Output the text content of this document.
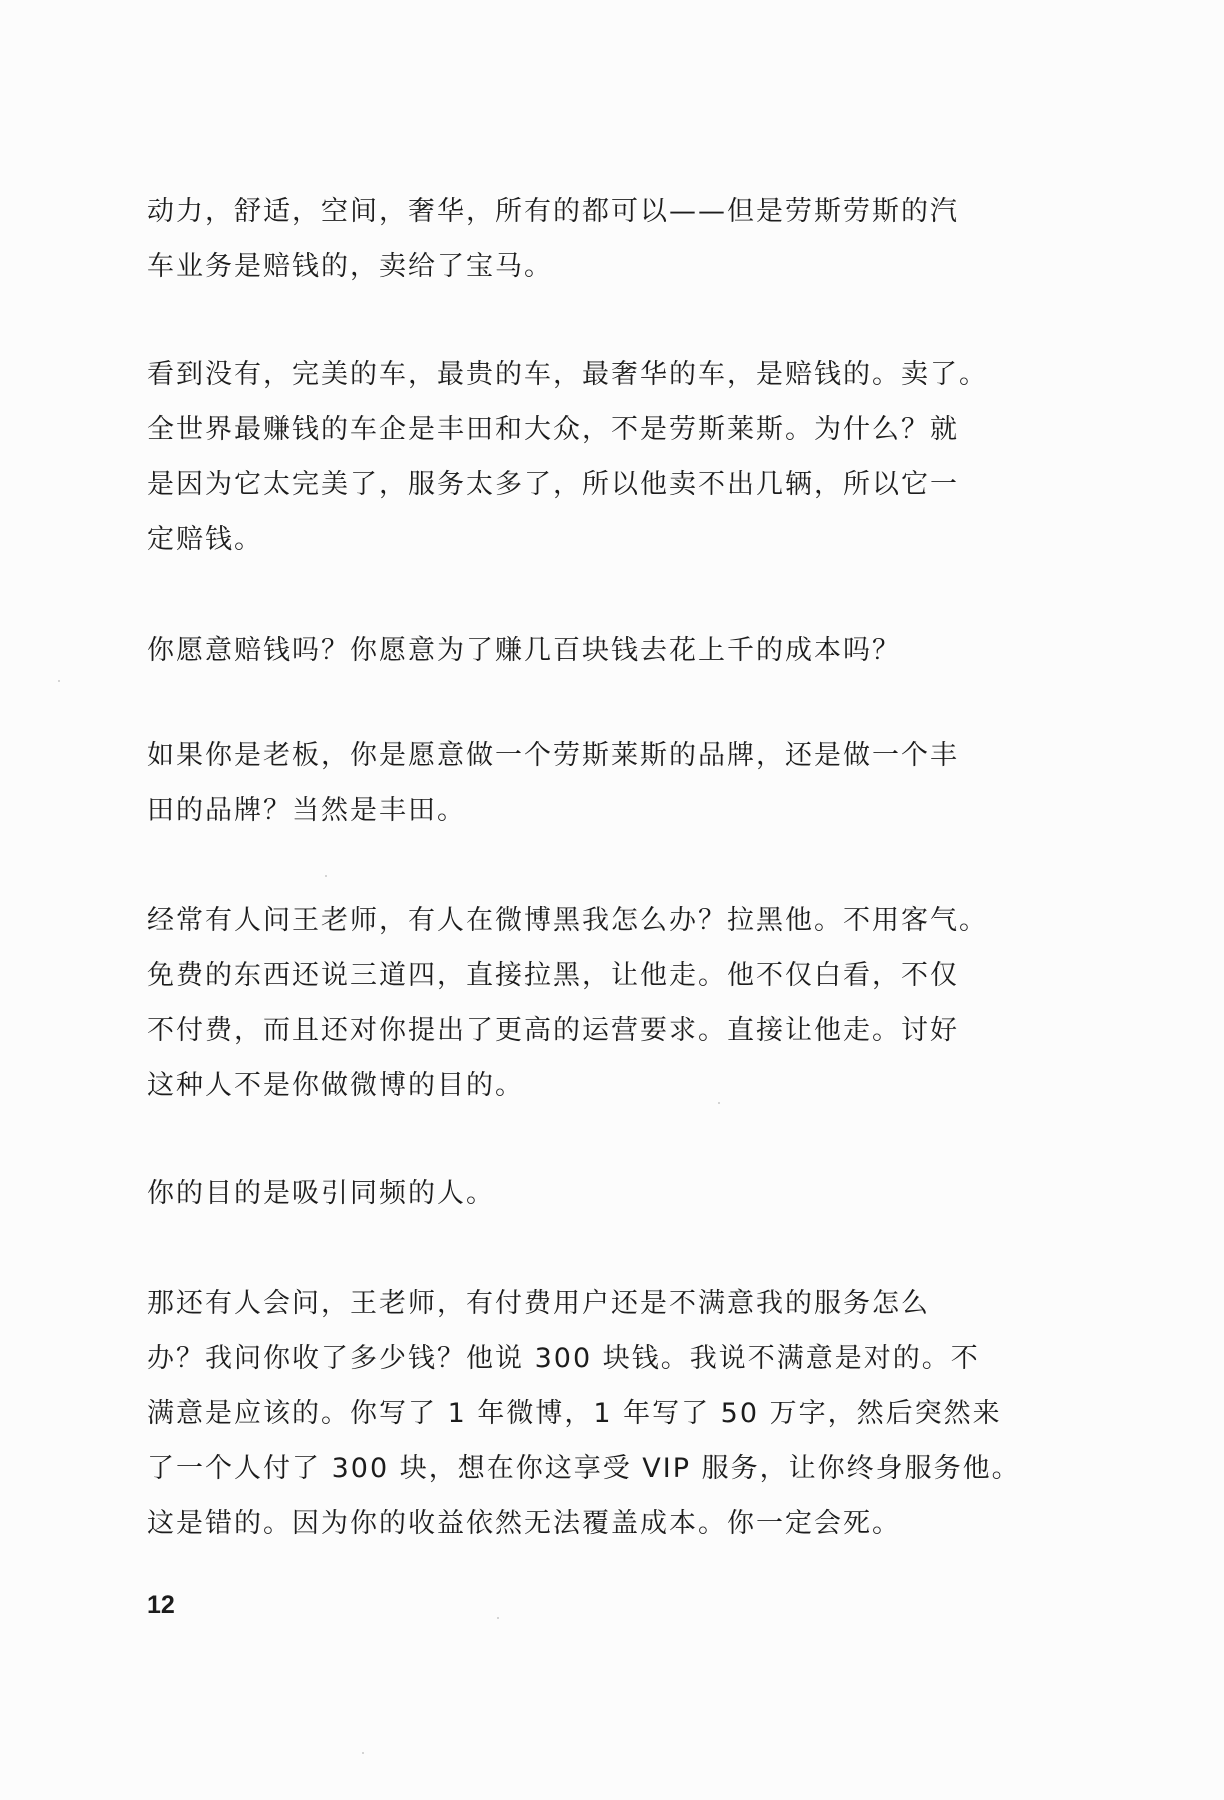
动力，舒适，空间，奢华，所有的都可以——但是劳斯劳斯的汽
车业务是赔钱的，卖给了宝马。
看到没有，完美的车，最贵的车，最奢华的车，是赔钱的。卖了。
全世界最赚钱的车企是丰田和大众，不是劳斯莱斯。为什么？就
是因为它太完美了，服务太多了，所以他卖不出几辆，所以它一
定赔钱。
你愿意赔钱吗？你愿意为了赚几百块钱去花上千的成本吗？
如果你是老板，你是愿意做一个劳斯莱斯的品牌，还是做一个丰
田的品牌？当然是丰田。
经常有人问王老师，有人在微博黑我怎么办？拉黑他。不用客气。
免费的东西还说三道四，直接拉黑，让他走。他不仅白看，不仅
不付费，而且还对你提出了更高的运营要求。直接让他走。讨好
这种人不是你做微博的目的。
你的目的是吸引同频的人。
那还有人会问，王老师，有付费用户还是不满意我的服务怎么
办？我问你收了多少钱？他说 300 块钱。我说不满意是对的。不
满意是应该的。你写了 1 年微博，1 年写了 50 万字，然后突然来
了一个人付了 300 块，想在你这享受 VIP 服务，让你终身服务他。
这是错的。因为你的收益依然无法覆盖成本。你一定会死。
12
